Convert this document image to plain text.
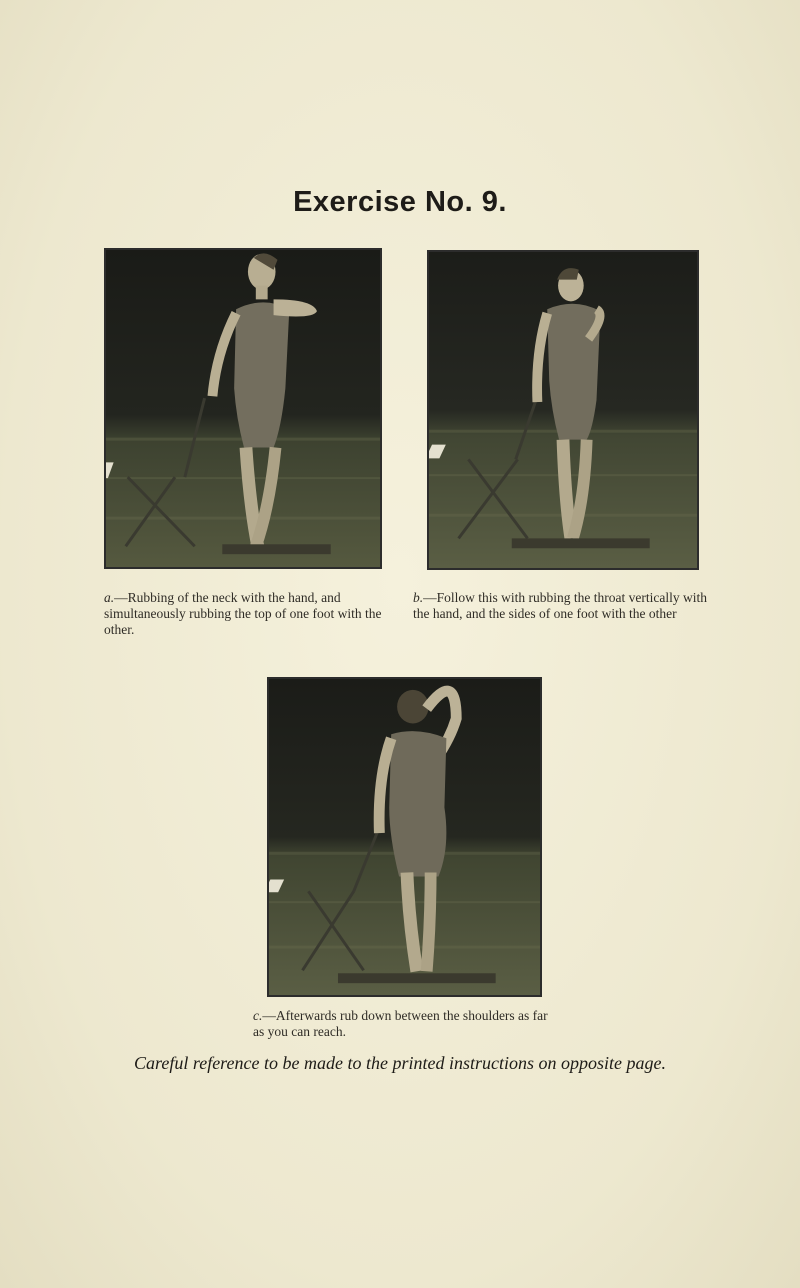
Exercise No. 9.
a.—Rubbing of the neck with the hand, and simultaneously rubbing the top of one foot with the other.
b.—Follow this with rubbing the throat vertically with the hand, and the sides of one foot with the other
c.—Afterwards rub down between the shoulders as far as you can reach.
Careful reference to be made to the printed instructions on opposite page.
